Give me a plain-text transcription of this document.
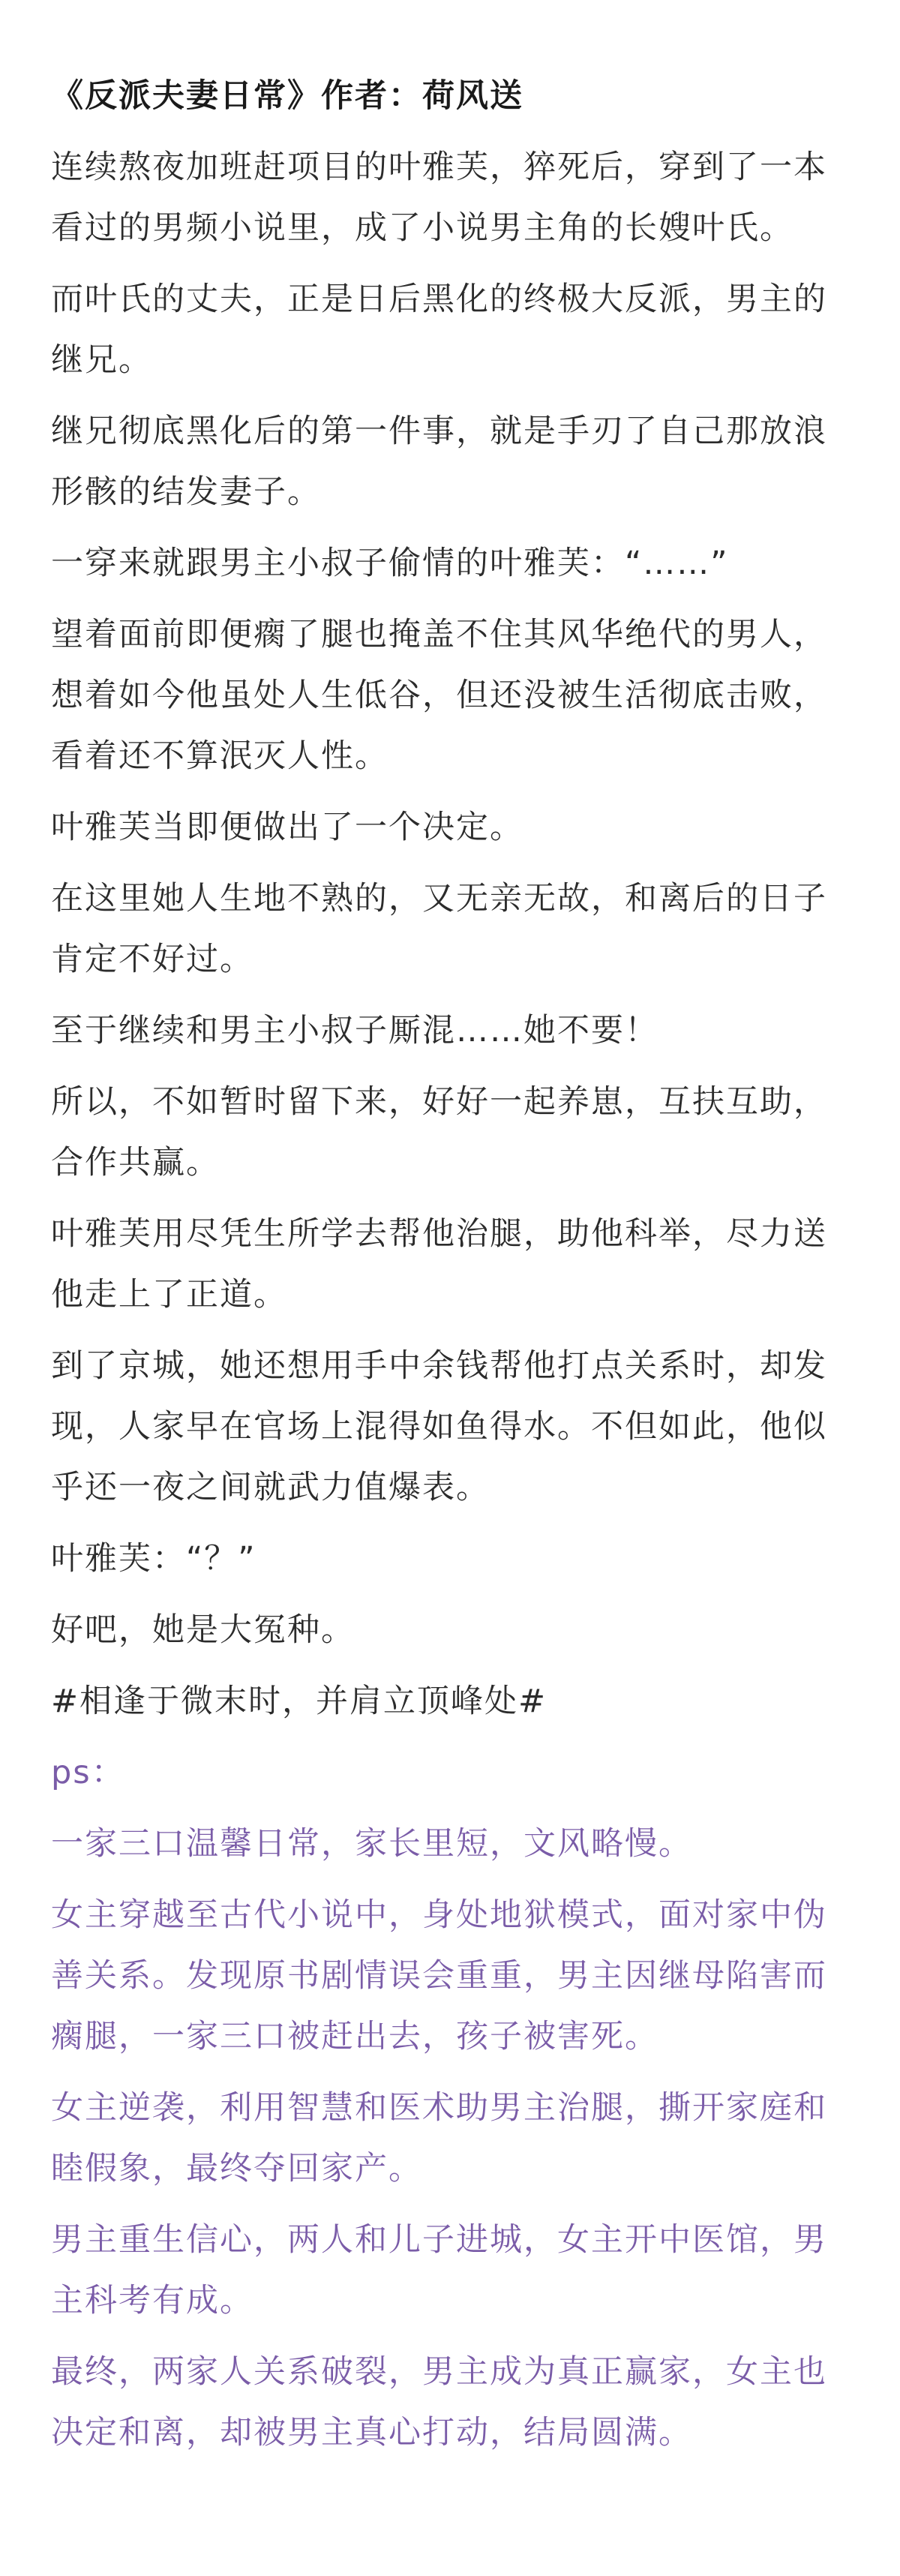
《反派夫妻日常》作者：荷风送
连续熬夜加班赶项目的叶雅芙，猝死后，穿到了一本看过的男频小说里，成了小说男主角的长嫂叶氏。
而叶氏的丈夫，正是日后黑化的终极大反派，男主的继兄。
继兄彻底黑化后的第一件事，就是手刃了自己那放浪形骸的结发妻子。
一穿来就跟男主小叔子偷情的叶雅芙：“……”
望着面前即便瘸了腿也掩盖不住其风华绝代的男人，想着如今他虽处人生低谷，但还没被生活彻底击败，看着还不算泯灭人性。
叶雅芙当即便做出了一个决定。
在这里她人生地不熟的，又无亲无故，和离后的日子肯定不好过。
至于继续和男主小叔子厮混……她不要！
所以，不如暂时留下来，好好一起养崽，互扶互助，合作共赢。
叶雅芙用尽凭生所学去帮他治腿，助他科举，尽力送他走上了正道。
到了京城，她还想用手中余钱帮他打点关系时，却发现，人家早在官场上混得如鱼得水。不但如此，他似乎还一夜之间就武力值爆表。
叶雅芙：“？”
好吧，她是大冤种。
#相逢于微末时，并肩立顶峰处#
ps：
一家三口温馨日常，家长里短，文风略慢。
女主穿越至古代小说中，身处地狱模式，面对家中伪善关系。发现原书剧情误会重重，男主因继母陷害而瘸腿，一家三口被赶出去，孩子被害死。
女主逆袭，利用智慧和医术助男主治腿，撕开家庭和睦假象，最终夺回家产。
男主重生信心，两人和儿子进城，女主开中医馆，男主科考有成。
最终，两家人关系破裂，男主成为真正赢家，女主也决定和离，却被男主真心打动，结局圆满。
